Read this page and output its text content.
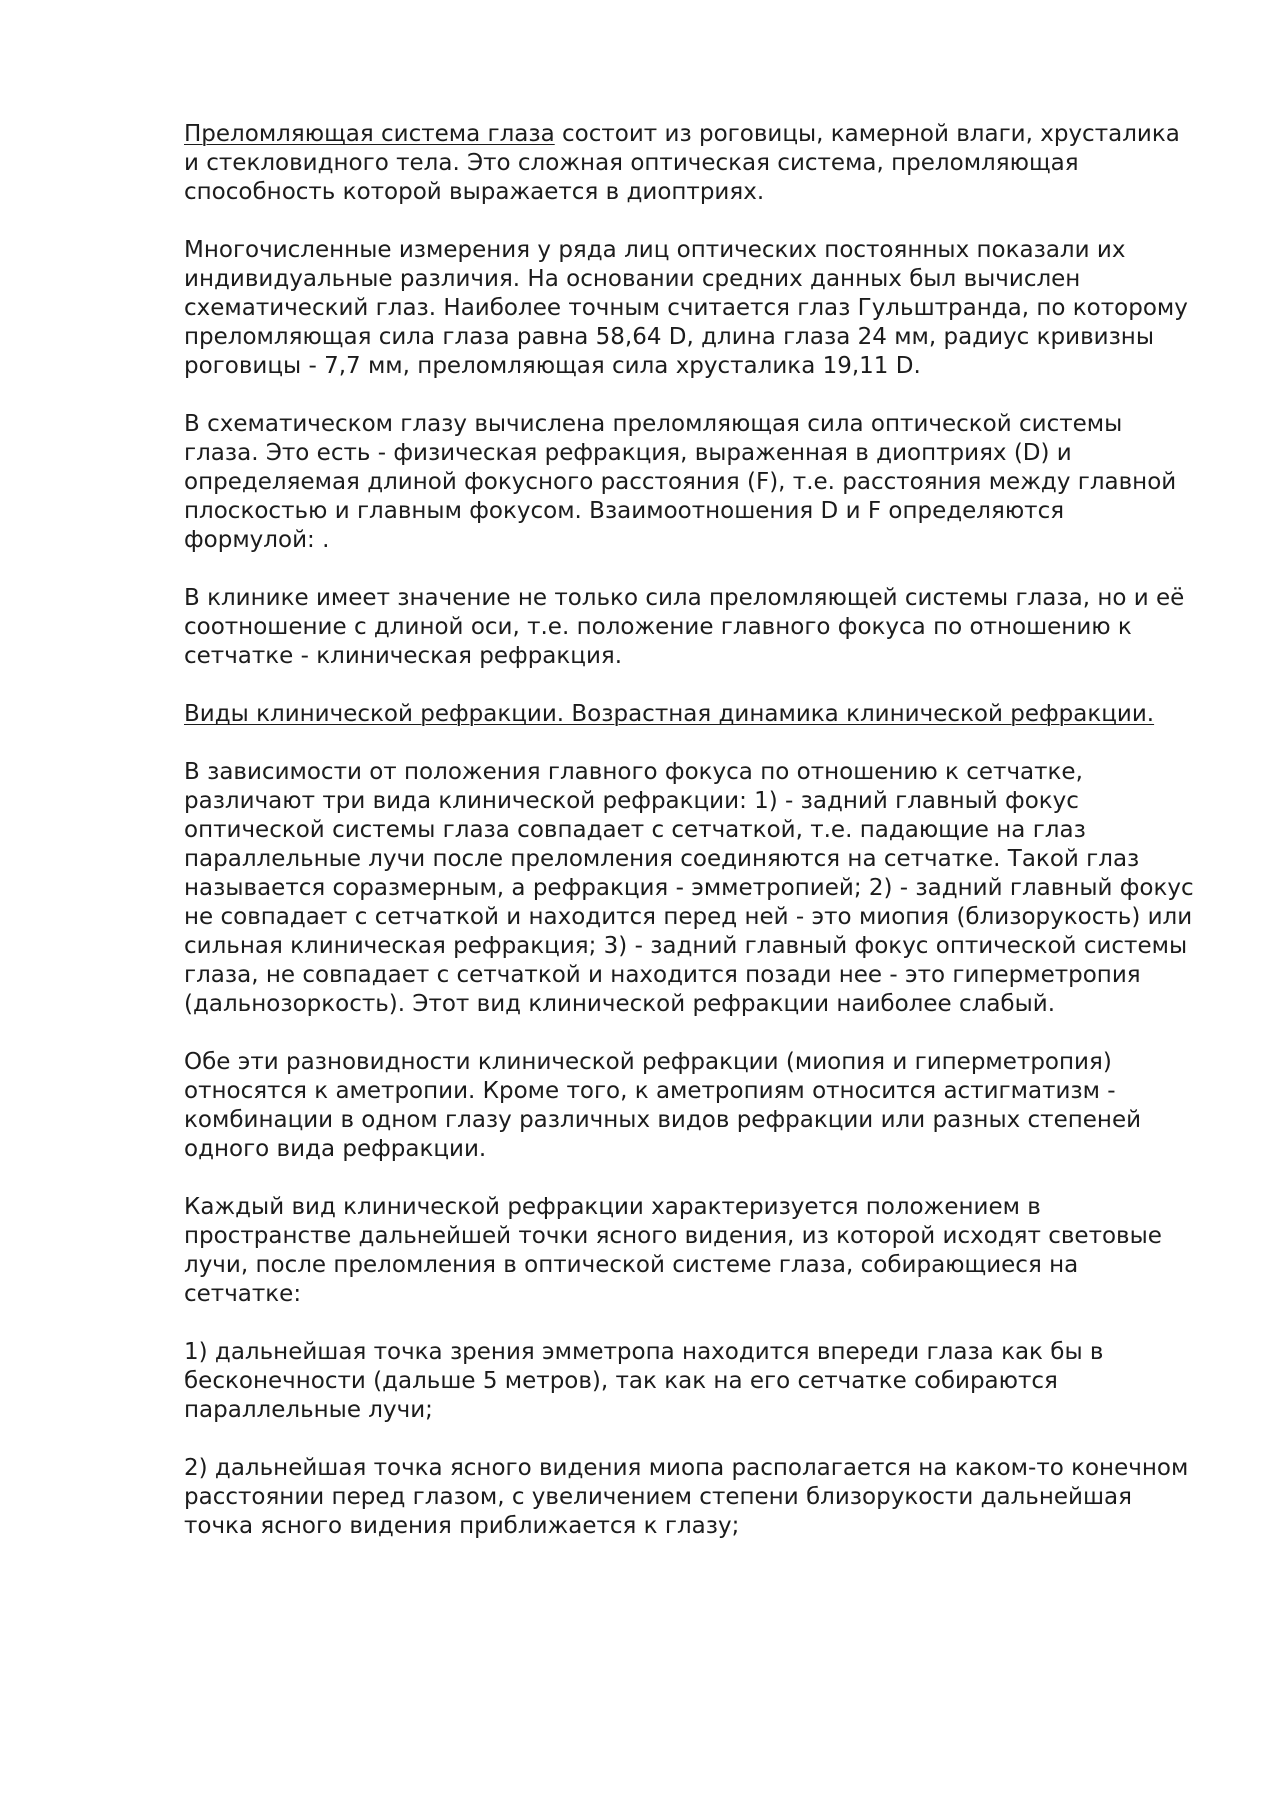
Преломляющая система глаза состоит из роговицы, камерной влаги, хрусталика и стекловидного тела. Это сложная оптическая система, преломляющая способность которой выражается в диоптриях.

Многочисленные измерения у ряда лиц оптических постоянных показали их индивидуальные различия. На основании средних данных был вычислен схематический глаз. Наиболее точным считается глаз Гульштранда, по которому преломляющая сила глаза равна 58,64 D, длина глаза 24 мм, радиус кривизны роговицы - 7,7 мм, преломляющая сила хрусталика 19,11 D.

В схематическом глазу вычислена преломляющая сила оптической системы глаза. Это есть - физическая рефракция, выраженная в диоптриях (D) и определяемая длиной фокусного расстояния (F), т.е. расстояния между главной плоскостью и главным фокусом. Взаимоотношения D и F определяются формулой: .

В клинике имеет значение не только сила преломляющей системы глаза, но и её соотношение с длиной оси, т.е. положение главного фокуса по отношению к сетчатке - клиническая рефракция.

Виды клинической рефракции. Возрастная динамика клинической рефракции.

В зависимости от положения главного фокуса по отношению к сетчатке, различают три вида клинической рефракции: 1) - задний главный фокус оптической системы глаза совпадает с сетчаткой, т.е. падающие на глаз параллельные лучи после преломления соединяются на сетчатке. Такой глаз называется соразмерным, а рефракция - эмметропией; 2) - задний главный фокус не совпадает с сетчаткой и находится перед ней - это миопия (близорукость) или сильная клиническая рефракция; 3) - задний главный фокус оптической системы глаза, не совпадает с сетчаткой и находится позади нее - это гиперметропия (дальнозоркость). Этот вид клинической рефракции наиболее слабый.

Обе эти разновидности клинической рефракции (миопия и гиперметропия) относятся к аметропии. Кроме того, к аметропиям относится астигматизм - комбинации в одном глазу различных видов рефракции или разных степеней одного вида рефракции.

Каждый вид клинической рефракции характеризуется положением в пространстве дальнейшей точки ясного видения, из которой исходят световые лучи, после преломления в оптической системе глаза, собирающиеся на сетчатке:

1) дальнейшая точка зрения эмметропа находится впереди глаза как бы в бесконечности (дальше 5 метров), так как на его сетчатке собираются параллельные лучи;

2) дальнейшая точка ясного видения миопа располагается на каком-то конечном расстоянии перед глазом, с увеличением степени близорукости дальнейшая точка ясного видения приближается к глазу;
